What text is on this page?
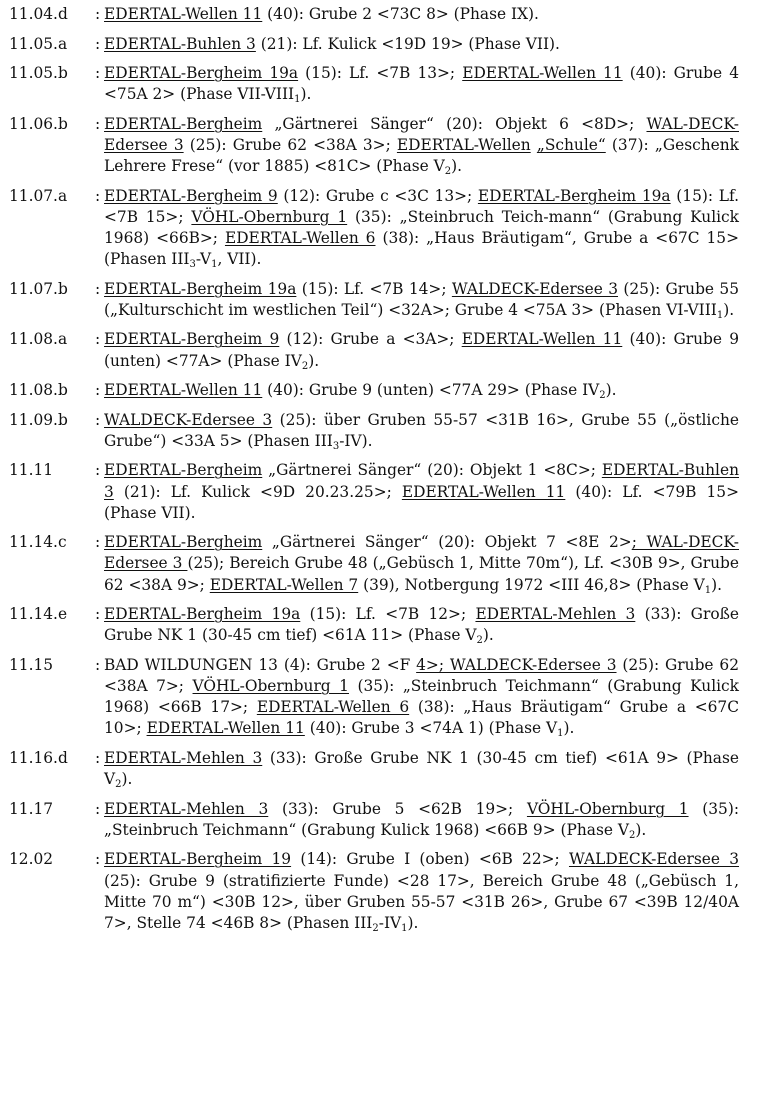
11.04.d	: EDERTAL-Wellen 11 (40): Grube 2 <73C 8> (Phase IX).
11.05.a	: EDERTAL-Buhlen 3 (21): Lf. Kulick <19D 19> (Phase VII).
11.05.b	: EDERTAL-Bergheim 19a (15): Lf. <7B 13>; EDERTAL-Wellen 11 (40): Grube 4 <75A 2> (Phase VII-$VIII_1$).
11.06.b	: EDERTAL-Bergheim „Gärtnerei Sänger“ (20): Objekt 6 <8D>; WAL-DECK-Edersee 3 (25): Grube 62 <38A 3>; EDERTAL-Wellen „Schule“ (37): „Geschenk Lehrere Frese“ (vor 1885) <81C> (Phase $V_2$).
11.07.a	: EDERTAL-Bergheim 9 (12): Grube c <3C 13>; EDERTAL-Bergheim 19a (15): Lf. <7B 15>; VÖHL-Obernburg 1 (35): „Steinbruch Teich-mann“ (Grabung Kulick 1968) <66B>; EDERTAL-Wellen 6 (38): „Haus Bräutigam“, Grube a <67C 15> (Phasen $III_3-V_1$, VII).
11.07.b	: EDERTAL-Bergheim 19a (15): Lf. <7B 14>; WALDECK-Edersee 3 (25): Grube 55 („Kulturschicht im westlichen Teil“) <32A>; Grube 4 <75A 3> (Phasen $VI-VIII_1$).
11.08.a	: EDERTAL-Bergheim 9 (12): Grube a <3A>; EDERTAL-Wellen 11 (40): Grube 9 (unten) <77A> (Phase $IV_2$).
11.08.b	: EDERTAL-Wellen 11 (40): Grube 9 (unten) <77A 29> (Phase $IV_2$).
11.09.b	: WALDECK-Edersee 3 (25): über Gruben 55-57 <31B 16>, Grube 55 („östliche Grube“) <33A 5> (Phasen $III_3-IV$).
11.11	: EDERTAL-Bergheim „Gärtnerei Sänger“ (20): Objekt 1 <8C>; EDERTAL-Buhlen 3 (21): Lf. Kulick <9D 20.23.25>; EDERTAL-Wellen 11 (40): Lf. <79B 15> (Phase VII).
11.14.c	: EDERTAL-Bergheim „Gärtnerei Sänger“ (20): Objekt 7 <8E 2>; WAL-DECK-Edersee 3 (25); Bereich Grube 48 („Gebüsch 1, Mitte 70m“), Lf. <30B 9>, Grube 62 <38A 9>; EDERTAL-Wellen 7 (39), Notbergung 1972 <III 46,8> (Phase $V_1$).
11.14.e	: EDERTAL-Bergheim 19a (15): Lf. <7B 12>; EDERTAL-Mehlen 3 (33): Große Grube NK 1 (30-45 cm tief) <61A 11> (Phase $V_2$).
11.15	: BAD WILDUNGEN 13 (4): Grube 2 <F 4>; WALDECK-Edersee 3 (25): Grube 62 <38A 7>; VÖHL-Obernburg 1 (35): „Steinbruch Teichmann“ (Grabung Kulick 1968) <66B 17>; EDERTAL-Wellen 6 (38): „Haus Bräutigam“ Grube a <67C 10>; EDERTAL-Wellen 11 (40): Grube 3 <74A 1) (Phase $V_1$).
11.16.d	: EDERTAL-Mehlen 3 (33): Große Grube NK 1 (30-45 cm tief) <61A 9> (Phase $V_2$).
11.17	: EDERTAL-Mehlen 3 (33): Grube 5 <62B 19>; VÖHL-Obernburg 1 (35): „Steinbruch Teichmann“ (Grabung Kulick 1968) <66B 9> (Phase $V_2$).
12.02	: EDERTAL-Bergheim 19 (14): Grube I (oben) <6B 22>; WALDECK-Edersee 3 (25): Grube 9 (stratifizierte Funde) <28 17>, Bereich Grube 48 („Gebüsch 1, Mitte 70 m“) <30B 12>, über Gruben 55-57 <31B 26>, Grube 67 <39B 12/40A 7>, Stelle 74 <46B 8> (Phasen $III_2-IV_1$).
